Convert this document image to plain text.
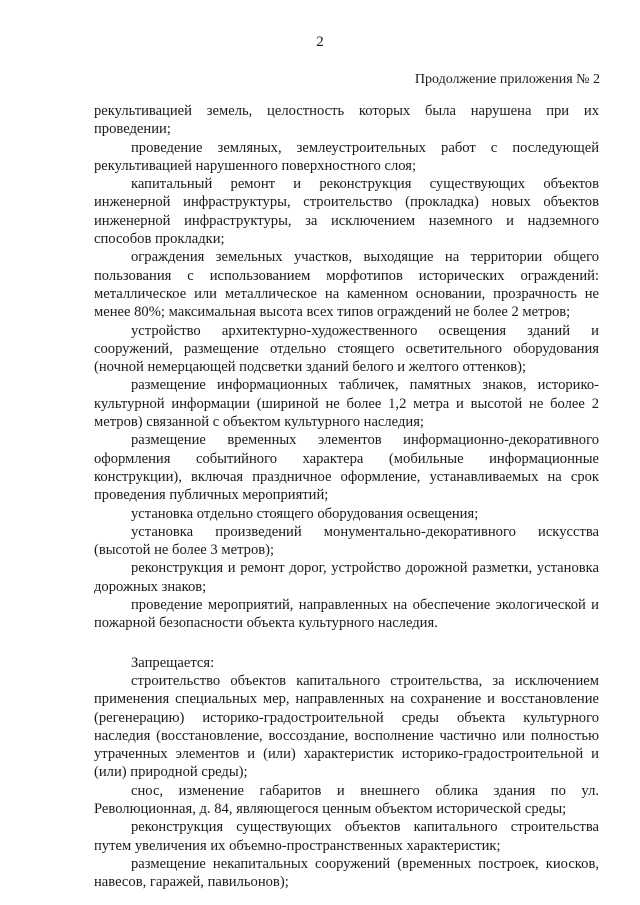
2
Продолжение приложения № 2

рекультивацией земель, целостность которых была нарушена при их проведении;

проведение земляных, землеустроительных работ с последующей рекультивацией нарушенного поверхностного слоя;

капитальный ремонт и реконструкция существующих объектов инженерной инфраструктуры, строительство (прокладка) новых объектов инженерной инфраструктуры, за исключением наземного и надземного способов прокладки;

ограждения земельных участков, выходящие на территории общего пользования с использованием морфотипов исторических ограждений: металлическое или металлическое на каменном основании, прозрачность не менее 80%; максимальная высота всех типов ограждений не более 2 метров;

устройство архитектурно-художественного освещения зданий и сооружений, размещение отдельно стоящего осветительного оборудования (ночной немерцающей подсветки зданий белого и желтого оттенков);

размещение информационных табличек, памятных знаков, историко-культурной информации (шириной не более 1,2 метра и высотой не более 2 метров) связанной с объектом культурного наследия;

размещение временных элементов информационно-декоративного оформления событийного характера (мобильные информационные конструкции), включая праздничное оформление, устанавливаемых на срок проведения публичных мероприятий;

установка отдельно стоящего оборудования освещения;

установка произведений монументально-декоративного искусства (высотой не более 3 метров);

реконструкция и ремонт дорог, устройство дорожной разметки, установка дорожных знаков;

проведение мероприятий, направленных на обеспечение экологической и пожарной безопасности объекта культурного наследия.

Запрещается:

строительство объектов капитального строительства, за исключением применения специальных мер, направленных на сохранение и восстановление (регенерацию) историко-градостроительной среды объекта культурного наследия (восстановление, воссоздание, восполнение частично или полностью утраченных элементов и (или) характеристик историко-градостроительной и (или) природной среды);

снос, изменение габаритов и внешнего облика здания по ул. Революционная, д. 84, являющегося ценным объектом исторической среды;

реконструкция существующих объектов капитального строительства путем увеличения их объемно-пространственных характеристик;

размещение некапитальных сооружений (временных построек, киосков, навесов, гаражей, павильонов);
